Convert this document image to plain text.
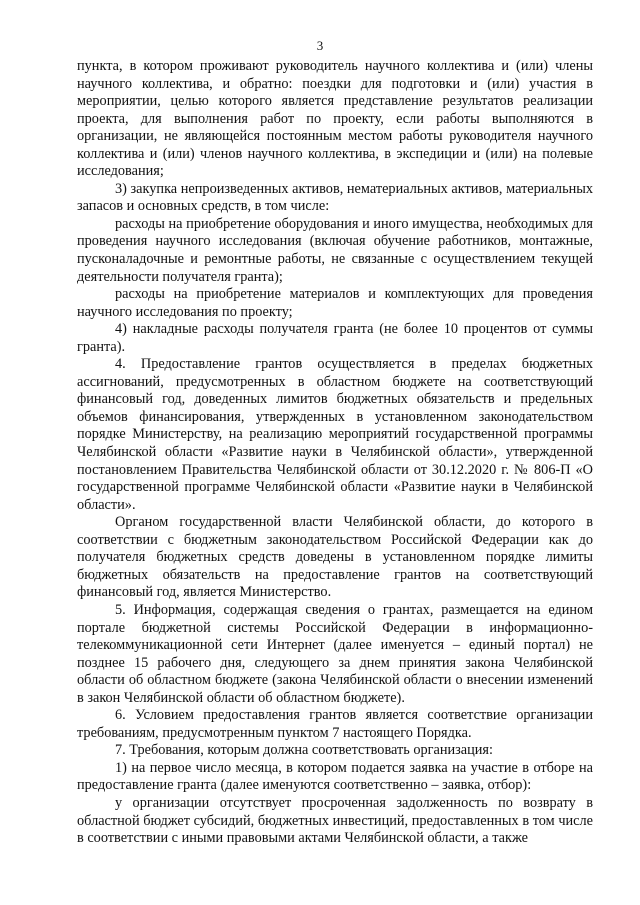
3

пункта, в котором проживают руководитель научного коллектива и (или) члены научного коллектива, и обратно: поездки для подготовки и (или) участия в мероприятии, целью которого является представление результатов реализации проекта, для выполнения работ по проекту, если работы выполняются в организации, не являющейся постоянным местом работы руководителя научного коллектива и (или) членов научного коллектива, в экспедиции и (или) на полевые исследования;

3) закупка непроизведенных активов, нематериальных активов, материальных запасов и основных средств, в том числе:

расходы на приобретение оборудования и иного имущества, необходимых для проведения научного исследования (включая обучение работников, монтажные, пусконаладочные и ремонтные работы, не связанные с осуществлением текущей деятельности получателя гранта);

расходы на приобретение материалов и комплектующих для проведения научного исследования по проекту;

4) накладные расходы получателя гранта (не более 10 процентов от суммы гранта).

4. Предоставление грантов осуществляется в пределах бюджетных ассигнований, предусмотренных в областном бюджете на соответствующий финансовый год, доведенных лимитов бюджетных обязательств и предельных объемов финансирования, утвержденных в установленном законодательством порядке Министерству, на реализацию мероприятий государственной программы Челябинской области «Развитие науки в Челябинской области», утвержденной постановлением Правительства Челябинской области от 30.12.2020 г. № 806-П «О государственной программе Челябинской области «Развитие науки в Челябинской области».

Органом государственной власти Челябинской области, до которого в соответствии с бюджетным законодательством Российской Федерации как до получателя бюджетных средств доведены в установленном порядке лимиты бюджетных обязательств на предоставление грантов на соответствующий финансовый год, является Министерство.

5. Информация, содержащая сведения о грантах, размещается на едином портале бюджетной системы Российской Федерации в информационно-телекоммуникационной сети Интернет (далее именуется – единый портал) не позднее 15 рабочего дня, следующего за днем принятия закона Челябинской области об областном бюджете (закона Челябинской области о внесении изменений в закон Челябинской области об областном бюджете).

6. Условием предоставления грантов является соответствие организации требованиям, предусмотренным пунктом 7 настоящего Порядка.

7. Требования, которым должна соответствовать организация:

1) на первое число месяца, в котором подается заявка на участие в отборе на предоставление гранта (далее именуются соответственно – заявка, отбор):

у организации отсутствует просроченная задолженность по возврату в областной бюджет субсидий, бюджетных инвестиций, предоставленных в том числе в соответствии с иными правовыми актами Челябинской области, а также
